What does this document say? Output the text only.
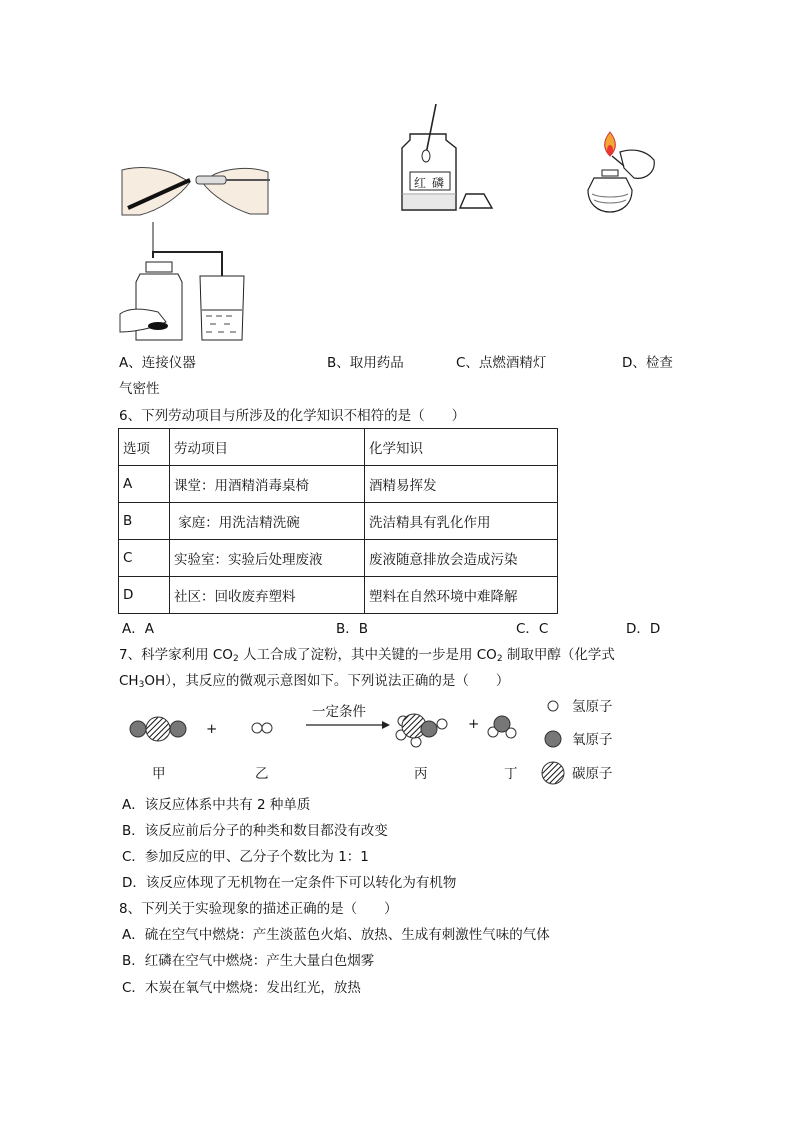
红磷
A、连接仪器	B、取用药品	C、点燃酒精灯	D、检查
气密性
6、下列劳动项目与所涉及的化学知识不相符的是（　　）
选项	劳动项目	化学知识
A	课堂：用酒精消毒桌椅	酒精易挥发
B	家庭：用洗洁精洗碗	洗洁精具有乳化作用
C	实验室：实验后处理废液	废液随意排放会造成污染
D	社区：回收废弃塑料	塑料在自然环境中难降解
A．A	B．B	C．C	D．D
7、科学家利用 $CO_2$ 人工合成了淀粉，其中关键的一步是用 $CO_2$ 制取甲醇（化学式
$CH_3OH$），其反应的微观示意图如下。下列说法正确的是（　　）
一定条件
+	+
甲	乙	丙	丁
氢原子
氧原子
碳原子
A．该反应体系中共有 2 种单质
B．该反应前后分子的种类和数目都没有改变
C．参加反应的甲、乙分子个数比为 1：1
D．该反应体现了无机物在一定条件下可以转化为有机物
8、下列关于实验现象的描述正确的是（　　）
A．硫在空气中燃烧：产生淡蓝色火焰、放热、生成有刺激性气味的气体
B．红磷在空气中燃烧：产生大量白色烟雾
C．木炭在氧气中燃烧：发出红光，放热
